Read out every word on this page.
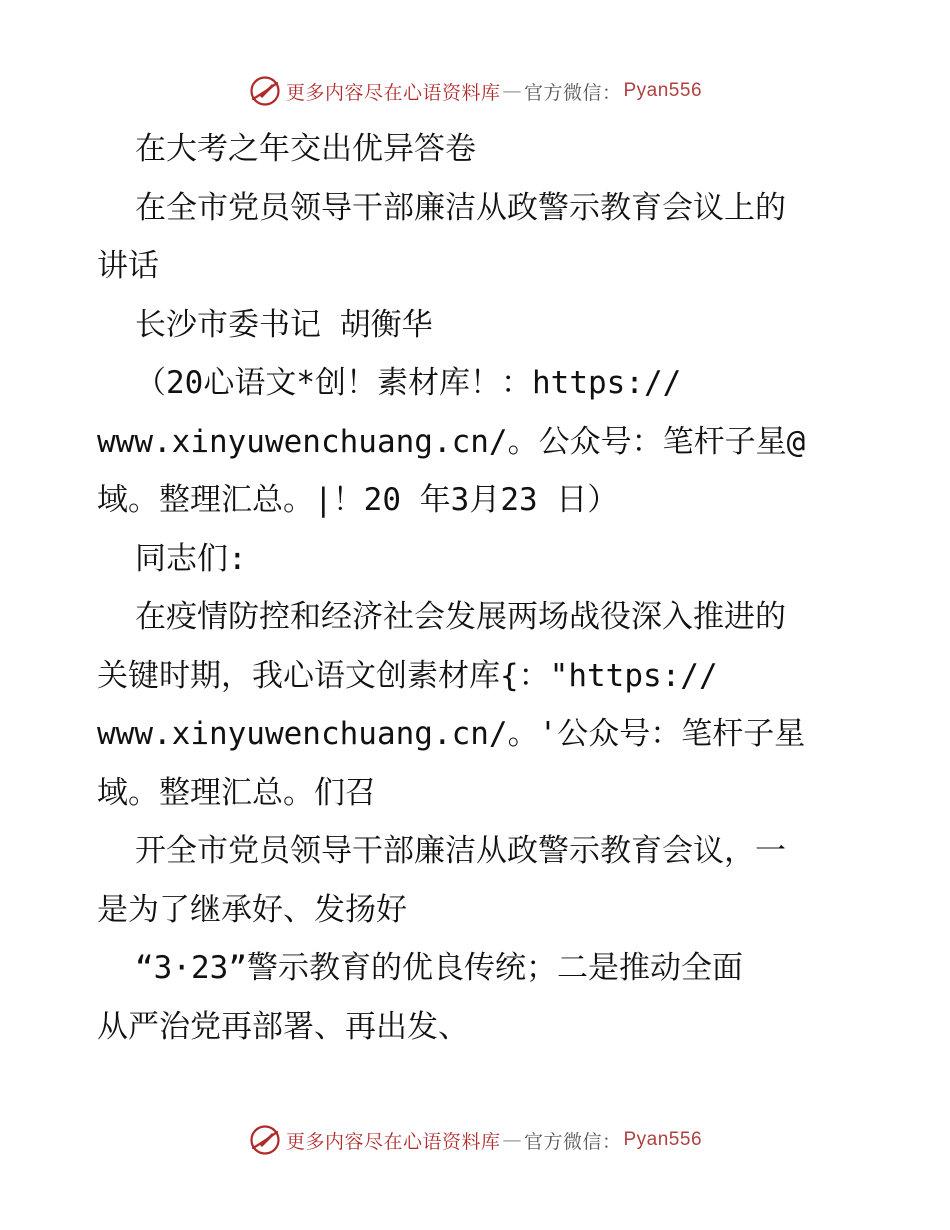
更多内容尽在心语资料库 — 官方微信： Pyan556
在大考之年交出优异答卷
在全市党员领导干部廉洁从政警示教育会议上的
讲话
长沙市委书记 胡衡华
（20心语文*创！素材库！：https://
www.xinyuwenchuang.cn/。公众号：笔杆子星@
域。整理汇总。|！20 年3月23 日）
同志们:
在疫情防控和经济社会发展两场战役深入推进的
关键时期，我心语文创素材库{："https://
www.xinyuwenchuang.cn/。'公众号：笔杆子星
域。整理汇总。们召
开全市党员领导干部廉洁从政警示教育会议，一
是为了继承好、发扬好
“3·23”警示教育的优良传统；二是推动全面
从严治党再部署、再出发、
更多内容尽在心语资料库 — 官方微信： Pyan556
